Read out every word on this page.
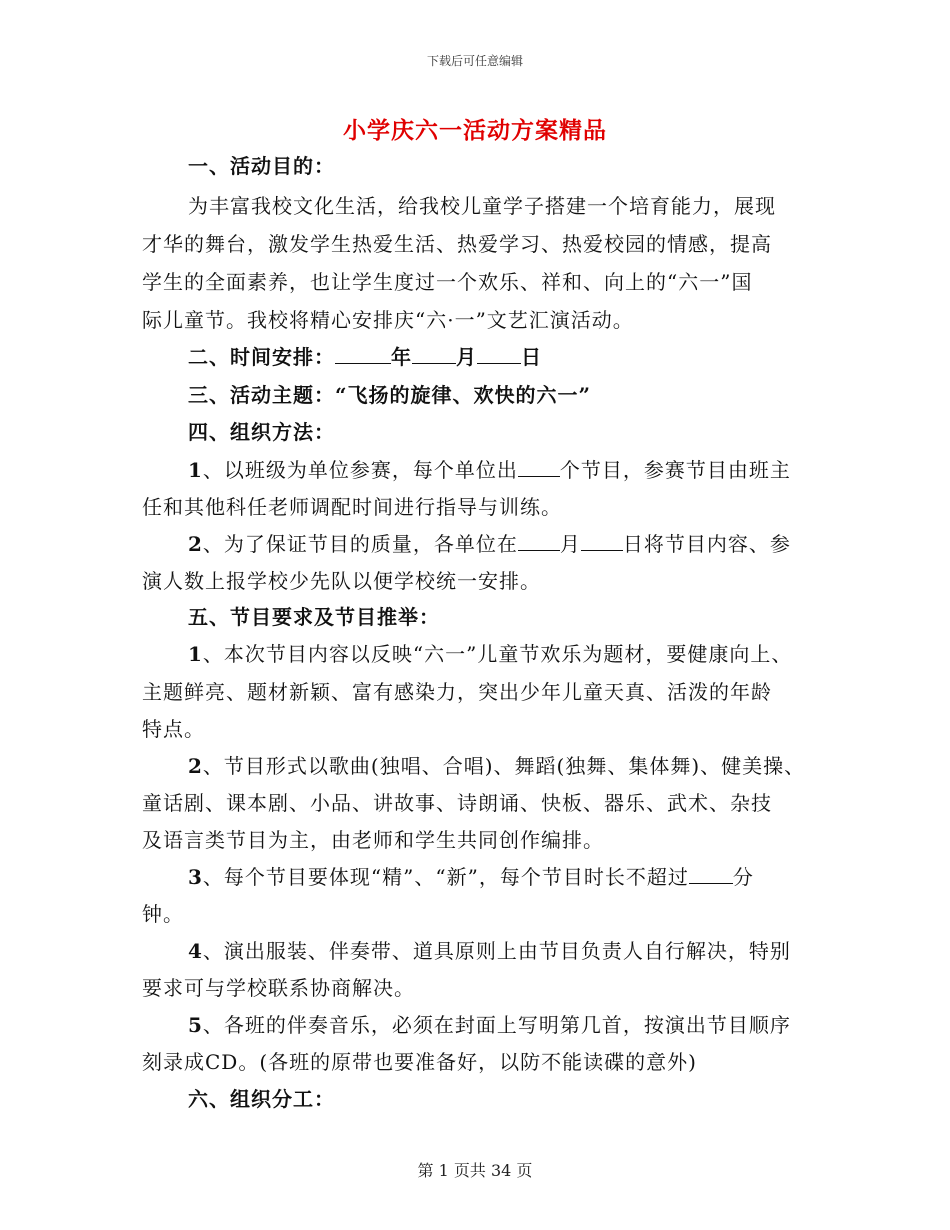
下载后可任意编辑
小学庆六一活动方案精品
一、活动目的：
为丰富我校文化生活，给我校儿童学子搭建一个培育能力，展现
才华的舞台，激发学生热爱生活、热爱学习、热爱校园的情感，提高
学生的全面素养，也让学生度过一个欢乐、祥和、向上的“六一”国
际儿童节。我校将精心安排庆“六·一”文艺汇演活动。
二、时间安排：	年 月 日
三、活动主题：“飞扬的旋律、欢快的六一”
四、组织方法：
1、以班级为单位参赛，每个单位出 个节目，参赛节目由班主
任和其他科任老师调配时间进行指导与训练。
2、为了保证节目的质量，各单位在 月 日将节目内容、参
演人数上报学校少先队以便学校统一安排。
五、节目要求及节目推举：
1、本次节目内容以反映“六一”儿童节欢乐为题材，要健康向上、
主题鲜亮、题材新颖、富有感染力，突出少年儿童天真、活泼的年龄
特点。
2、节目形式以歌曲(独唱、合唱)、舞蹈(独舞、集体舞)、健美操、
童话剧、课本剧、小品、讲故事、诗朗诵、快板、器乐、武术、杂技
及语言类节目为主，由老师和学生共同创作编排。
3、每个节目要体现“精”、“新”，每个节目时长不超过 分
钟。
4、演出服装、伴奏带、道具原则上由节目负责人自行解决，特别
要求可与学校联系协商解决。
5、各班的伴奏音乐，必须在封面上写明第几首，按演出节目顺序
刻录成CD。(各班的原带也要准备好，以防不能读碟的意外)
六、组织分工：
第 1 页共 34 页
